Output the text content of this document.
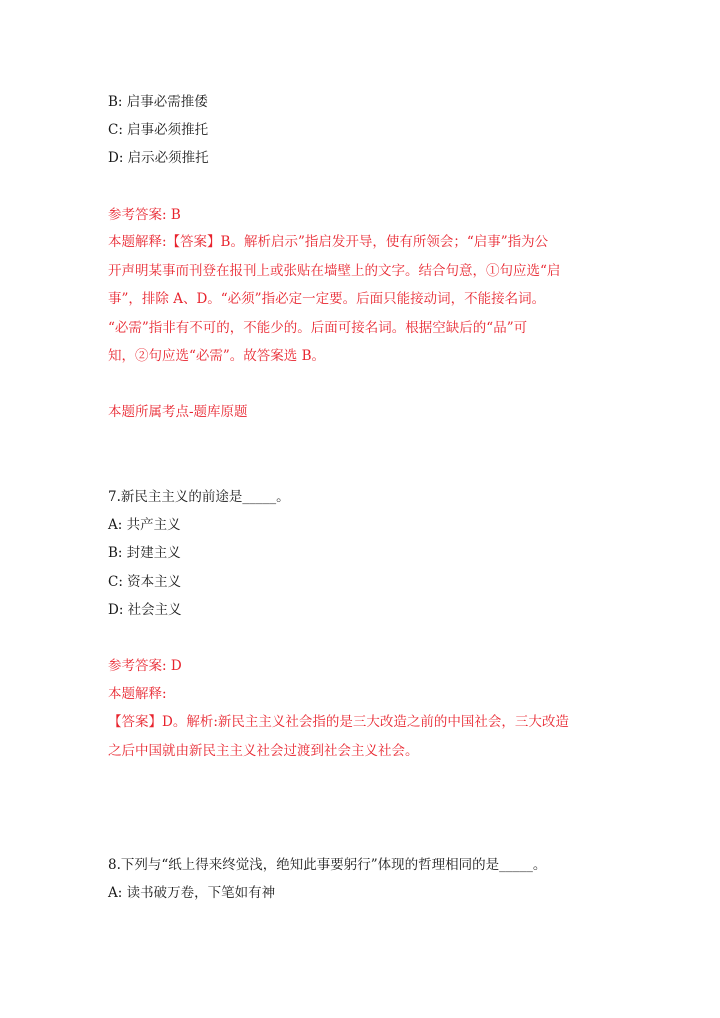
B: 启事必需推倭
C: 启事必须推托
D: 启示必须推托
参考答案: B
本题解释:【答案】B。解析启示”指启发开导，使有所领会；“启事”指为公
开声明某事而刊登在报刊上或张贴在墙壁上的文字。结合句意，①句应选“启
事”，排除 A、D。“必须”指必定一定要。后面只能接动词，不能接名词。
“必需”指非有不可的，不能少的。后面可接名词。根据空缺后的“品”可
知，②句应选“必需”。故答案选 B。
本题所属考点-题库原题
7.新民主主义的前途是_____。
A: 共产主义
B: 封建主义
C: 资本主义
D: 社会主义
参考答案: D
本题解释:
【答案】D。解析:新民主主义社会指的是三大改造之前的中国社会，三大改造
之后中国就由新民主主义社会过渡到社会主义社会。
8.下列与“纸上得来终觉浅，绝知此事要躬行”体现的哲理相同的是_____。
A: 读书破万卷，下笔如有神
